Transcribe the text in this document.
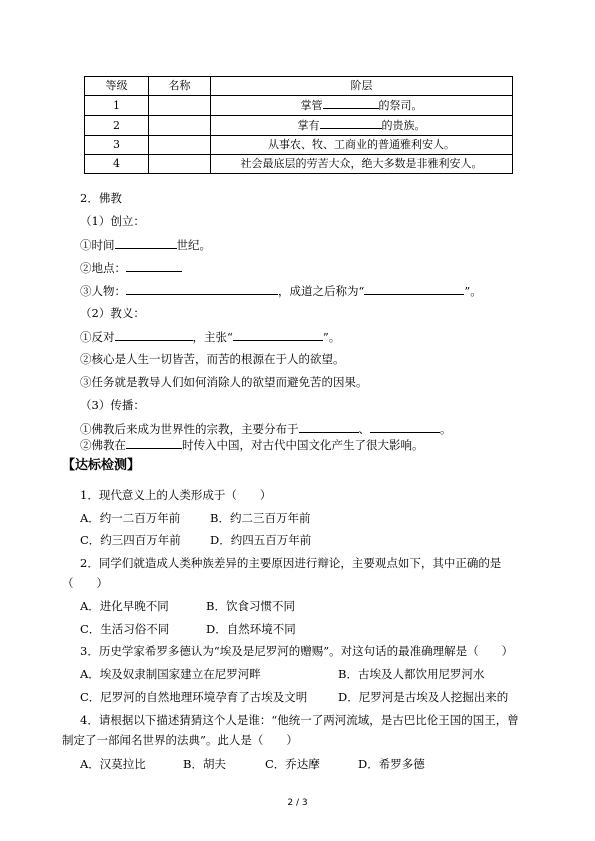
等级	名称	阶层
1		掌管 的祭司。
2		掌有 的贵族。
3		从事农、牧、工商业的普通雅利安人。
4		社会最底层的劳苦大众，绝大多数是非雅利安人。
2．佛教
（1）创立：
①时间	世纪。
②地点：
③人物：	，成道之后称为“	”。
（2）教义：
①反对	，主张“	”。
②核心是人生一切皆苦，而苦的根源在于人的欲望。
③任务就是教导人们如何消除人的欲望而避免苦的因果。
（3）传播：
①佛教后来成为世界性的宗教，主要分布于	、	。
②佛教在	时传入中国，对古代中国文化产生了很大影响。
【达标检测】
1．现代意义上的人类形成于（　　）
A．约一二百万年前	B．约二三百万年前
C．约三四百万年前	D．约四五百万年前
2．同学们就造成人类种族差异的主要原因进行辩论，主要观点如下，其中正确的是
（　　）
A．进化早晚不同	B．饮食习惯不同
C．生活习俗不同	D．自然环境不同
3．历史学家希罗多德认为“埃及是尼罗河的赠赐”。对这句话的最准确理解是（　　）
A．埃及奴隶制国家建立在尼罗河畔	B．古埃及人都饮用尼罗河水
C．尼罗河的自然地理环境孕育了古埃及文明	D．尼罗河是古埃及人挖掘出来的
4．请根据以下描述猜猜这个人是谁：“他统一了两河流域，是古巴比伦王国的国王，曾
制定了一部闻名世界的法典”。此人是（　　）
A．汉莫拉比	B．胡夫	C．乔达摩	D．希罗多德
2 / 3
